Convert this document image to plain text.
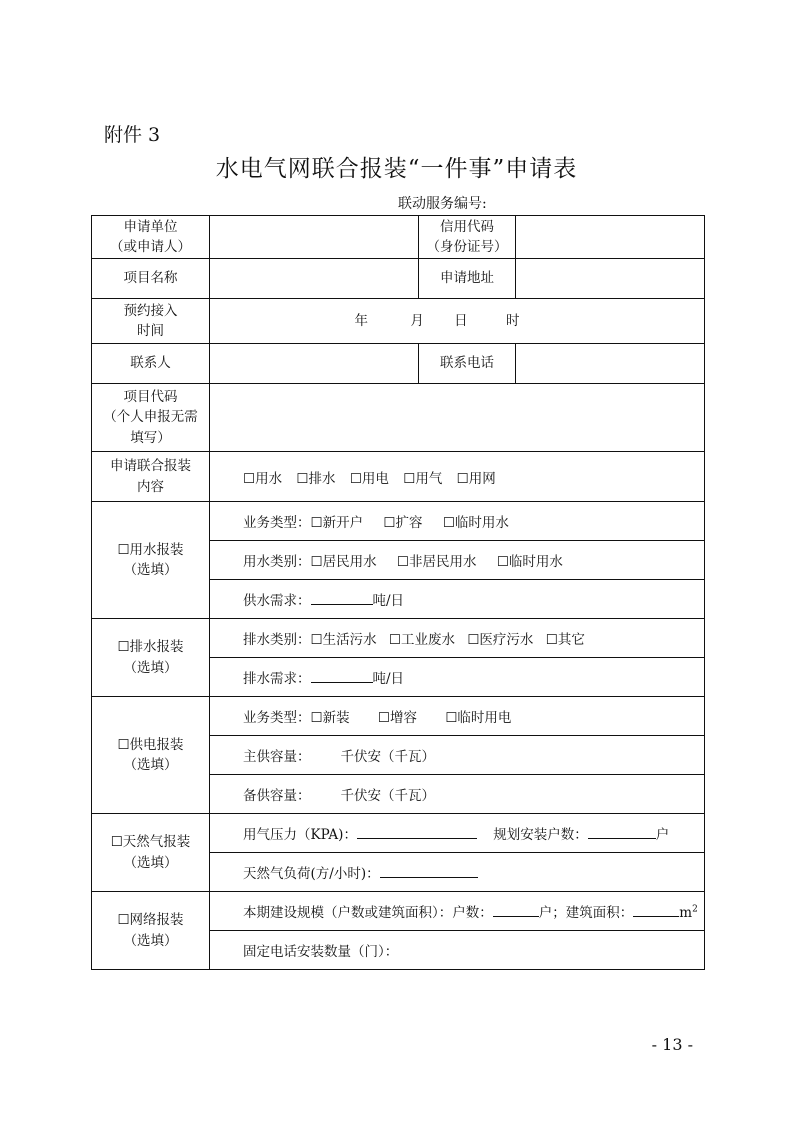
附件 3
水电气网联合报装“一件事”申请表
联动服务编号:
申请单位
（或申请人）		信用代码
（身份证号）	

项目名称		申请地址	

预约接入
时间	年 月 日 时		
联系人		联系电话	

项目代码
（个人申报无需
填写）			

申请联合报装
内容	☐用水 ☐排水 ☐用电 ☐用气 ☐用网		

☐用水报装
（选填）	业务类型：☐新开户 ☐扩容 ☐临时用水		
	用水类别：☐居民用水 ☐非居民用水 ☐临时用水		
	供水需求： 吨/日		

☐排水报装
（选填）	排水类别：☐生活污水 ☐工业废水 ☐医疗污水 ☐其它		
	排水需求： 吨/日		

☐供电报装
（选填）	业务类型：☐新装 ☐增容 ☐临时用电		
	主供容量： 千伏安（千瓦）		
	备供容量： 千伏安（千瓦）		

☐天然气报装
（选填）	用气压力（KPA)： 规划安装户数： 户		
	天然气负荷(方/小时)：		

☐网络报装
（选填）	本期建设规模（户数或建筑面积）：户数： 户；建筑面积： $m^2$
	固定电话安装数量（门）：		
- 13 -
